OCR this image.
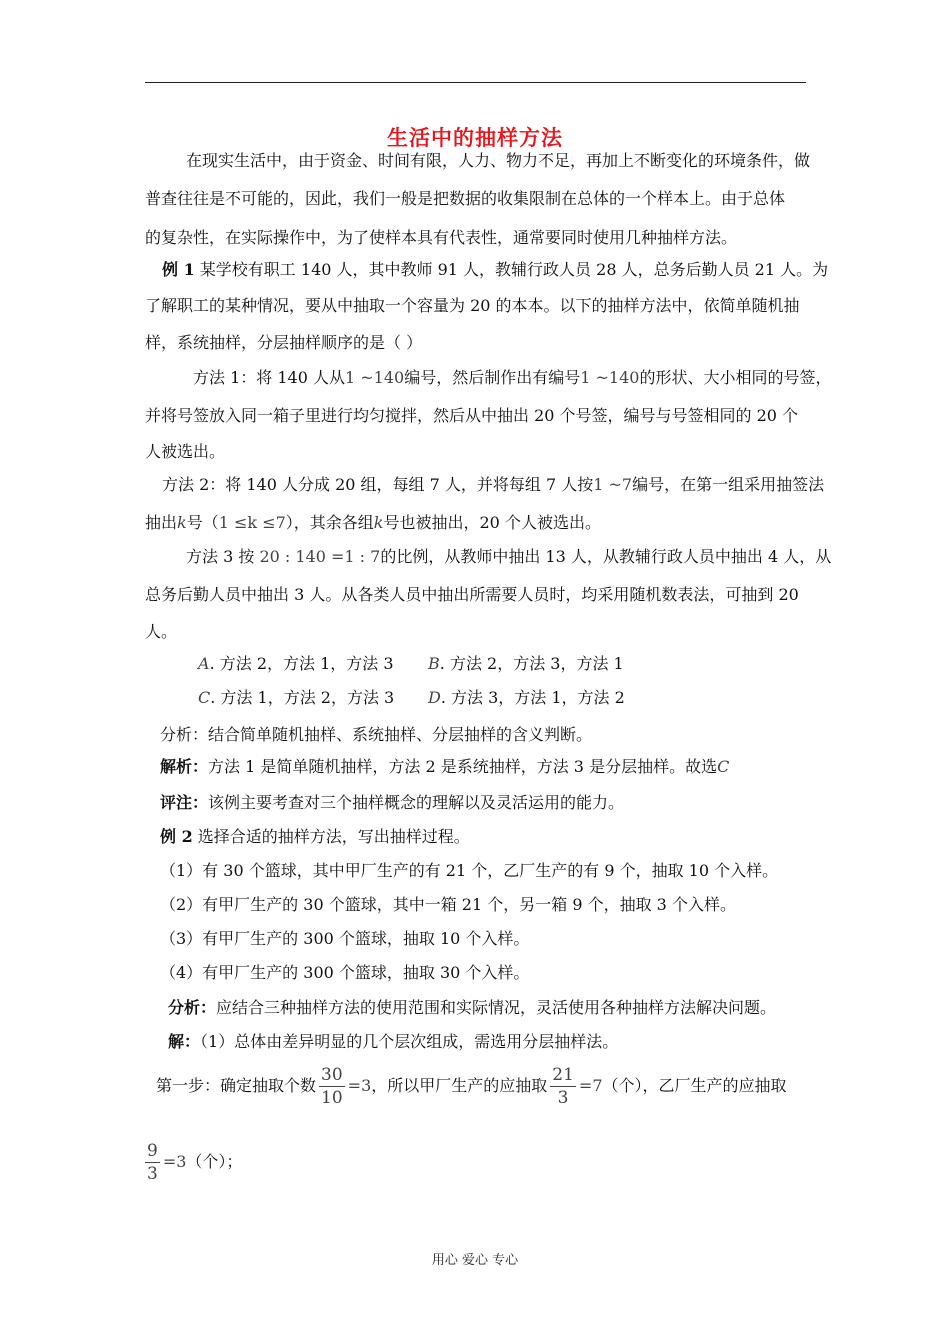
生活中的抽样方法
在现实生活中，由于资金、时间有限，人力、物力不足，再加上不断变化的环境条件，做
普查往往是不可能的，因此，我们一般是把数据的收集限制在总体的一个样本上。由于总体
的复杂性，在实际操作中，为了使样本具有代表性，通常要同时使用几种抽样方法。
例 1 某学校有职工 140 人，其中教师 91 人，教辅行政人员 28 人，总务后勤人员 21 人。为
了解职工的某种情况，要从中抽取一个容量为 20 的本本。以下的抽样方法中，依简单随机抽
样，系统抽样，分层抽样顺序的是（ ）
方法 1：将 140 人从1 ~140编号，然后制作出有编号1 ~140的形状、大小相同的号签，
并将号签放入同一箱子里进行均匀搅拌，然后从中抽出 20 个号签，编号与号签相同的 20 个
人被选出。
方法 2：将 140 人分成 20 组，每组 7 人，并将每组 7 人按1 ~7编号，在第一组采用抽签法
抽出k号（1 ≤k ≤7），其余各组k号也被抽出，20 个人被选出。
方法 3 按 20 : 140 =1 : 7的比例，从教师中抽出 13 人，从教辅行政人员中抽出 4 人，从
总务后勤人员中抽出 3 人。从各类人员中抽出所需要人员时，均采用随机数表法，可抽到 20
人。
A. 方法 2，方法 1，方法 3 B. 方法 2，方法 3，方法 1
C. 方法 1，方法 2，方法 3 D. 方法 3，方法 1，方法 2
分析：结合简单随机抽样、系统抽样、分层抽样的含义判断。
解析：方法 1 是简单随机抽样，方法 2 是系统抽样，方法 3 是分层抽样。故选C
评注：该例主要考查对三个抽样概念的理解以及灵活运用的能力。
例 2 选择合适的抽样方法，写出抽样过程。
（1）有 30 个篮球，其中甲厂生产的有 21 个，乙厂生产的有 9 个，抽取 10 个入样。
（2）有甲厂生产的 30 个篮球，其中一箱 21 个，另一箱 9 个，抽取 3 个入样。
（3）有甲厂生产的 300 个篮球，抽取 10 个入样。
（4）有甲厂生产的 300 个篮球，抽取 30 个入样。
分析：应结合三种抽样方法的使用范围和实际情况，灵活使用各种抽样方法解决问题。
解：（1）总体由差异明显的几个层次组成，需选用分层抽样法。
第一步：确定抽取个数 $\frac{30}{10} =3$，所以甲厂生产的应抽取 $\frac{21}{3} =7$（个），乙厂生产的应抽取
$\frac{9}{3} =3$（个）；
用心 爱心 专心
